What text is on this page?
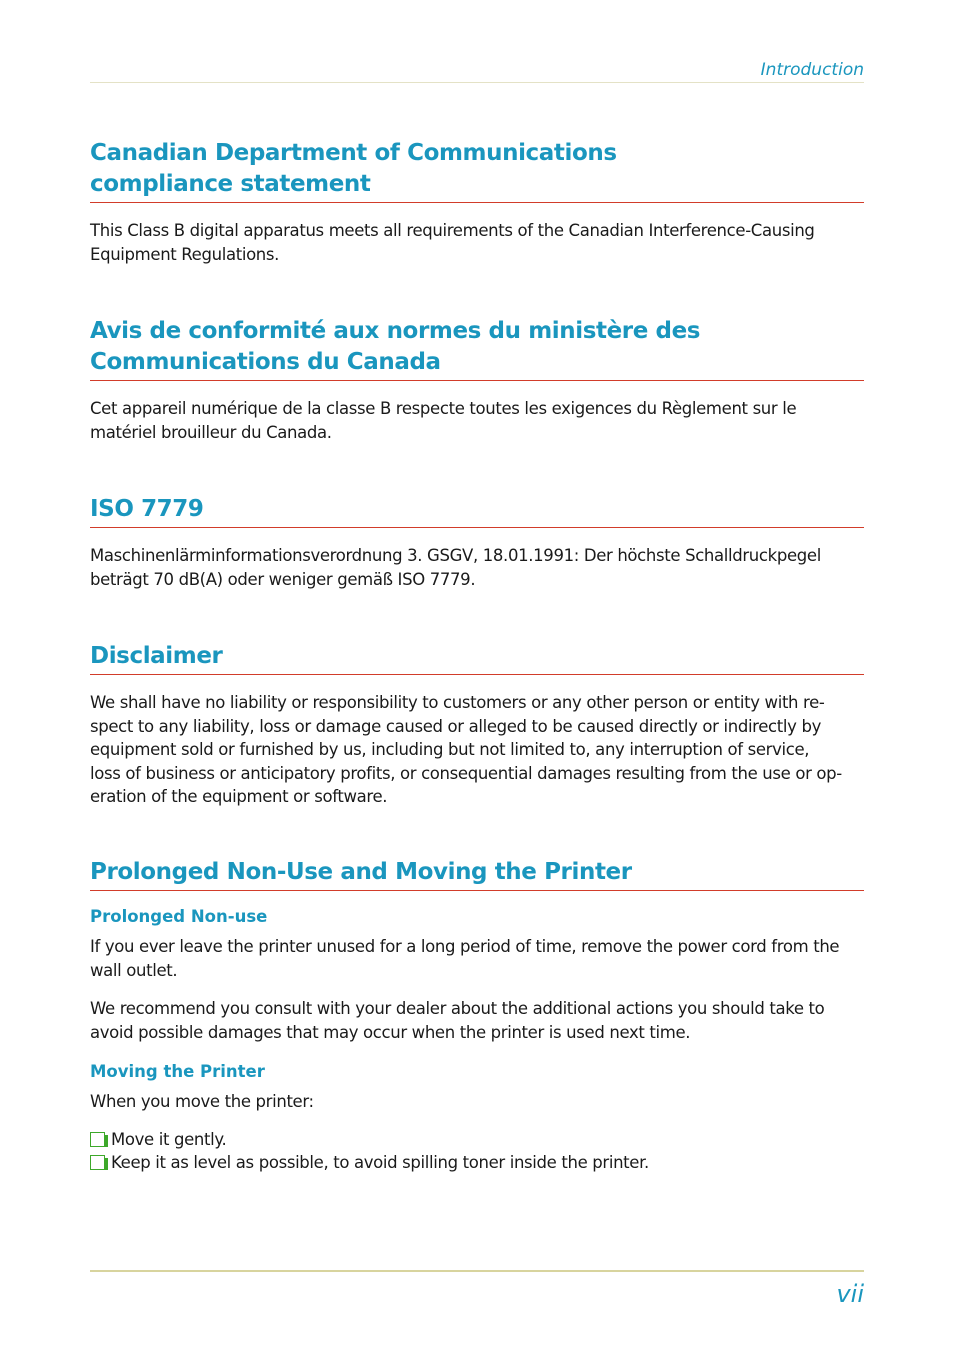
Introduction
Canadian Department of Communications
compliance statement

This Class B digital apparatus meets all requirements of the Canadian Interference-Causing
Equipment Regulations.

Avis de conformité aux normes du ministère des
Communications du Canada

Cet appareil numérique de la classe B respecte toutes les exigences du Règlement sur le
matériel brouilleur du Canada.

ISO 7779

Maschinenlärminformationsverordnung 3. GSGV, 18.01.1991: Der höchste Schalldruckpegel
beträgt 70 dB(A) oder weniger gemäß ISO 7779.

Disclaimer

We shall have no liability or responsibility to customers or any other person or entity with re-
spect to any liability, loss or damage caused or alleged to be caused directly or indirectly by
equipment sold or furnished by us, including but not limited to, any interruption of service,
loss of business or anticipatory profits, or consequential damages resulting from the use or op-
eration of the equipment or software.

Prolonged Non-Use and Moving the Printer
Prolonged Non-use

If you ever leave the printer unused for a long period of time, remove the power cord from the
wall outlet.

We recommend you consult with your dealer about the additional actions you should take to
avoid possible damages that may occur when the printer is used next time.

Moving the Printer

When you move the printer:

Move it gently.
Keep it as level as possible, to avoid spilling toner inside the printer.
vii
